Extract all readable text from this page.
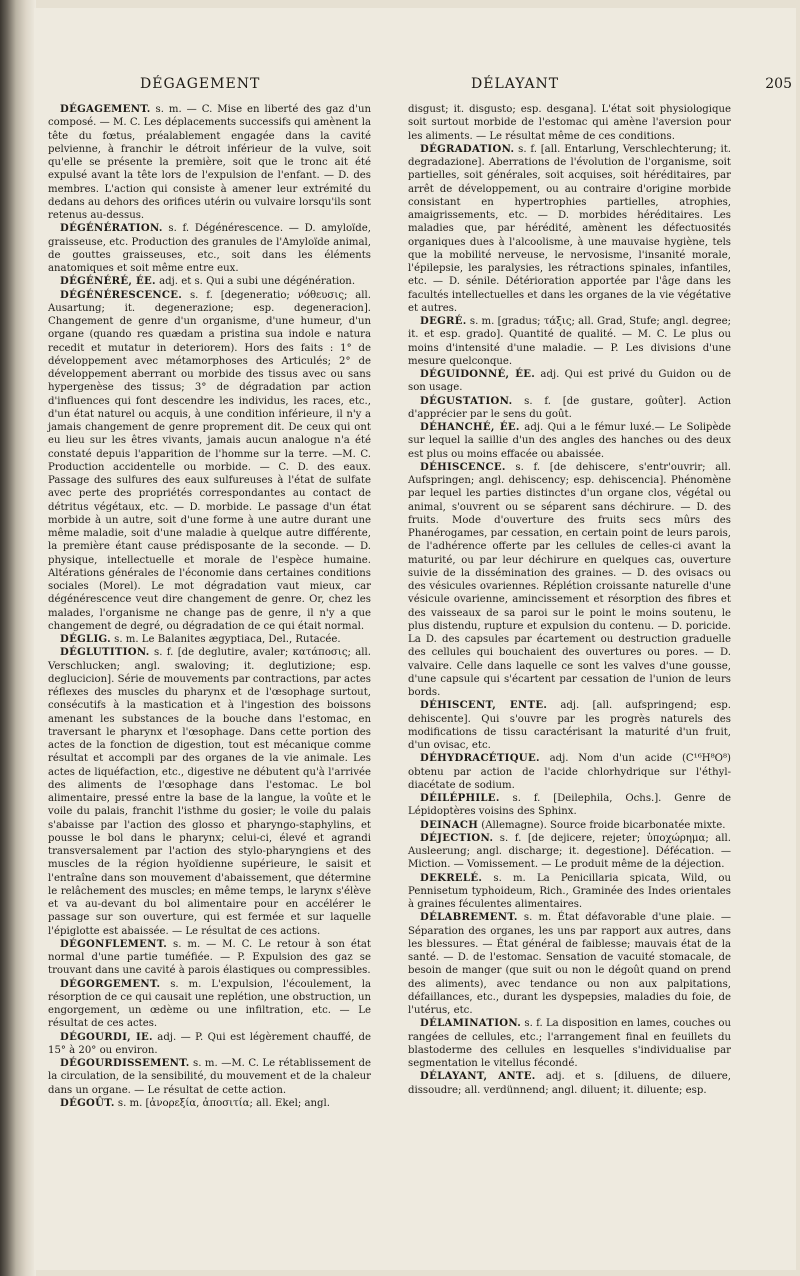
DÉGAGEMENT	DÉLAYANT	205

DÉGAGEMENT. s. m. — C. Mise en liberté des gaz d'un composé. — M. C. Les déplacements successifs qui amènent la tête du fœtus, préalablement engagée dans la cavité pelvienne, à franchir le détroit inférieur de la vulve, soit qu'elle se présente la première, soit que le tronc ait été expulsé avant la tête lors de l'expulsion de l'enfant. — D. des membres. L'action qui consiste à amener leur extrémité du dedans au dehors des orifices utérin ou vulvaire lorsqu'ils sont retenus au-dessus.

DÉGÉNÉRATION. s. f. Dégénérescence. — D. amyloïde, graisseuse, etc. Production des granules de l'Amyloïde animal, de gouttes graisseuses, etc., soit dans les éléments anatomiques et soit même entre eux.

DÉGÉNÉRÉ, ÉE. adj. et s. Qui a subi une dégénération.

DÉGÉNÉRESCENCE. s. f. [degeneratio; νόθευσις; all. Ausartung; it. degenerazione; esp. degeneracion]. Changement de genre d'un organisme, d'une humeur, d'un organe (quando res quædam a pristina sua indole e natura recedit et mutatur in deteriorem). Hors des faits : 1° de développement avec métamorphoses des Articulés; 2° de développement aberrant ou morbide des tissus avec ou sans hypergenèse des tissus; 3° de dégradation par action d'influences qui font descendre les individus, les races, etc., d'un état naturel ou acquis, à une condition inférieure, il n'y a jamais changement de genre proprement dit. De ceux qui ont eu lieu sur les êtres vivants, jamais aucun analogue n'a été constaté depuis l'apparition de l'homme sur la terre. —M. C. Production accidentelle ou morbide. — C. D. des eaux. Passage des sulfures des eaux sulfureuses à l'état de sulfate avec perte des propriétés correspondantes au contact de détritus végétaux, etc. — D. morbide. Le passage d'un état morbide à un autre, soit d'une forme à une autre durant une même maladie, soit d'une maladie à quelque autre différente, la première étant cause prédisposante de la seconde. — D. physique, intellectuelle et morale de l'espèce humaine. Altérations générales de l'économie dans certaines conditions sociales (Morel). Le mot dégradation vaut mieux, car dégénérescence veut dire changement de genre. Or, chez les malades, l'organisme ne change pas de genre, il n'y a que changement de degré, ou dégradation de ce qui était normal.

DÉGLIG. s. m. Le Balanites ægyptiaca, Del., Rutacée.

DÉGLUTITION. s. f. [de deglutire, avaler; κατάποσις; all. Verschlucken; angl. swaloving; it. deglutizione; esp. deglucicion]. Série de mouvements par contractions, par actes réflexes des muscles du pharynx et de l'œsophage surtout, consécutifs à la mastication et à l'ingestion des boissons amenant les substances de la bouche dans l'estomac, en traversant le pharynx et l'œsophage. Dans cette portion des actes de la fonction de digestion, tout est mécanique comme résultat et accompli par des organes de la vie animale. Les actes de liquéfaction, etc., digestive ne débutent qu'à l'arrivée des aliments de l'œsophage dans l'estomac. Le bol alimentaire, pressé entre la base de la langue, la voûte et le voile du palais, franchit l'isthme du gosier; le voile du palais s'abaisse par l'action des glosso et pharyngo-staphylins, et pousse le bol dans le pharynx; celui-ci, élevé et agrandi transversalement par l'action des stylo-pharyngiens et des muscles de la région hyoïdienne supérieure, le saisit et l'entraîne dans son mouvement d'abaissement, que détermine le relâchement des muscles; en même temps, le larynx s'élève et va au-devant du bol alimentaire pour en accélérer le passage sur son ouverture, qui est fermée et sur laquelle l'épiglotte est abaissée. — Le résultat de ces actions.

DÉGONFLEMENT. s. m. — M. C. Le retour à son état normal d'une partie tuméfiée. — P. Expulsion des gaz se trouvant dans une cavité à parois élastiques ou compressibles.

DÉGORGEMENT. s. m. L'expulsion, l'écoulement, la résorption de ce qui causait une replétion, une obstruction, un engorgement, un œdème ou une infiltration, etc. — Le résultat de ces actes.

DÉGOURDI, IE. adj. — P. Qui est légèrement chauffé, de 15° à 20° ou environ.

DÉGOURDISSEMENT. s. m. —M. C. Le rétablissement de la circulation, de la sensibilité, du mouvement et de la chaleur dans un organe. — Le résultat de cette action.

DÉGOÛT. s. m. [ἀνορεξία, ἀποσιτία; all. Ekel; angl.

disgust; it. disgusto; esp. desgana]. L'état soit physiologique soit surtout morbide de l'estomac qui amène l'aversion pour les aliments. — Le résultat même de ces conditions.

DÉGRADATION. s. f. [all. Entarlung, Verschlechterung; it. degradazione]. Aberrations de l'évolution de l'organisme, soit partielles, soit générales, soit acquises, soit héréditaires, par arrêt de développement, ou au contraire d'origine morbide consistant en hypertrophies partielles, atrophies, amaigrissements, etc. — D. morbides héréditaires. Les maladies que, par hérédité, amènent les défectuosités organiques dues à l'alcoolisme, à une mauvaise hygiène, tels que la mobilité nerveuse, le nervosisme, l'insanité morale, l'épilepsie, les paralysies, les rétractions spinales, infantiles, etc. — D. sénile. Détérioration apportée par l'âge dans les facultés intellectuelles et dans les organes de la vie végétative et autres.

DEGRÉ. s. m. [gradus; τάξις; all. Grad, Stufe; angl. degree; it. et esp. grado]. Quantité de qualité. — M. C. Le plus ou moins d'intensité d'une maladie. — P. Les divisions d'une mesure quelconque.

DÉGUIDONNÉ, ÉE. adj. Qui est privé du Guidon ou de son usage.

DÉGUSTATION. s. f. [de gustare, goûter]. Action d'apprécier par le sens du goût.

DÉHANCHÉ, ÉE. adj. Qui a le fémur luxé.— Le Solipède sur lequel la saillie d'un des angles des hanches ou des deux est plus ou moins effacée ou abaissée.

DÉHISCENCE. s. f. [de dehiscere, s'entr'ouvrir; all. Aufspringen; angl. dehiscency; esp. dehiscencia]. Phénomène par lequel les parties distinctes d'un organe clos, végétal ou animal, s'ouvrent ou se séparent sans déchirure. — D. des fruits. Mode d'ouverture des fruits secs mûrs des Phanérogames, par cessation, en certain point de leurs parois, de l'adhérence offerte par les cellules de celles-ci avant la maturité, ou par leur déchirure en quelques cas, ouverture suivie de la dissémination des graines. — D. des ovisacs ou des vésicules ovariennes. Réplétion croissante naturelle d'une vésicule ovarienne, amincissement et résorption des fibres et des vaisseaux de sa paroi sur le point le moins soutenu, le plus distendu, rupture et expulsion du contenu. — D. poricide. La D. des capsules par écartement ou destruction graduelle des cellules qui bouchaient des ouvertures ou pores. — D. valvaire. Celle dans laquelle ce sont les valves d'une gousse, d'une capsule qui s'écartent par cessation de l'union de leurs bords.

DÉHISCENT, ENTE. adj. [all. aufspringend; esp. dehiscente]. Qui s'ouvre par les progrès naturels des modifications de tissu caractérisant la maturité d'un fruit, d'un ovisac, etc.

DÉHYDRACÉTIQUE. adj. Nom d'un acide (C¹⁶H⁸O⁸) obtenu par action de l'acide chlorhydrique sur l'éthyl-diacétate de sodium.

DÉILÉPHILE. s. f. [Deilephila, Ochs.]. Genre de Lépidoptères voisins des Sphinx.

DEINACH (Allemagne). Source froide bicarbonatée mixte.

DÉJECTION. s. f. [de dejicere, rejeter; ὑποχώρημα; all. Ausleerung; angl. discharge; it. degestione]. Défécation. — Miction. — Vomissement. — Le produit même de la déjection.

DEKRELÉ. s. m. La Penicillaria spicata, Wild, ou Pennisetum typhoideum, Rich., Graminée des Indes orientales à graines féculentes alimentaires.

DÉLABREMENT. s. m. État défavorable d'une plaie. — Séparation des organes, les uns par rapport aux autres, dans les blessures. — État général de faiblesse; mauvais état de la santé. — D. de l'estomac. Sensation de vacuité stomacale, de besoin de manger (que suit ou non le dégoût quand on prend des aliments), avec tendance ou non aux palpitations, défaillances, etc., durant les dyspepsies, maladies du foie, de l'utérus, etc.

DÉLAMINATION. s. f. La disposition en lames, couches ou rangées de cellules, etc.; l'arrangement final en feuillets du blastoderme des cellules en lesquelles s'individualise par segmentation le vitellus fécondé.

DÉLAYANT, ANTE. adj. et s. [diluens, de diluere, dissoudre; all. verdünnend; angl. diluent; it. diluente; esp.
